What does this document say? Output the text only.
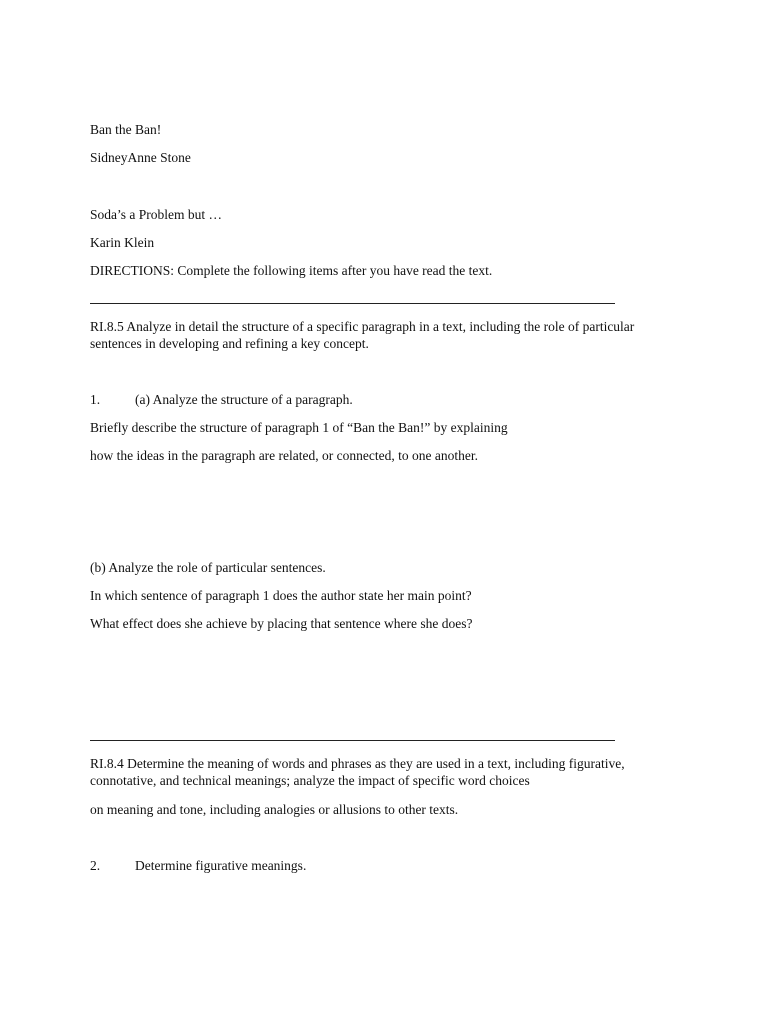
Ban the Ban!
SidneyAnne Stone
Soda’s a Problem but …
Karin Klein
DIRECTIONS: Complete the following items after you have read the text.
RI.8.5 Analyze in detail the structure of a specific paragraph in a text, including the role of particular sentences in developing and refining a key concept.
1.	(a) Analyze the structure of a paragraph.
Briefly describe the structure of paragraph 1 of “Ban the Ban!” by explaining
how the ideas in the paragraph are related, or connected, to one another.
(b) Analyze the role of particular sentences.
In which sentence of paragraph 1 does the author state her main point?
What effect does she achieve by placing that sentence where she does?
RI.8.4 Determine the meaning of words and phrases as they are used in a text, including figurative, connotative, and technical meanings; analyze the impact of specific word choices
on meaning and tone, including analogies or allusions to other texts.
2.	Determine figurative meanings.
